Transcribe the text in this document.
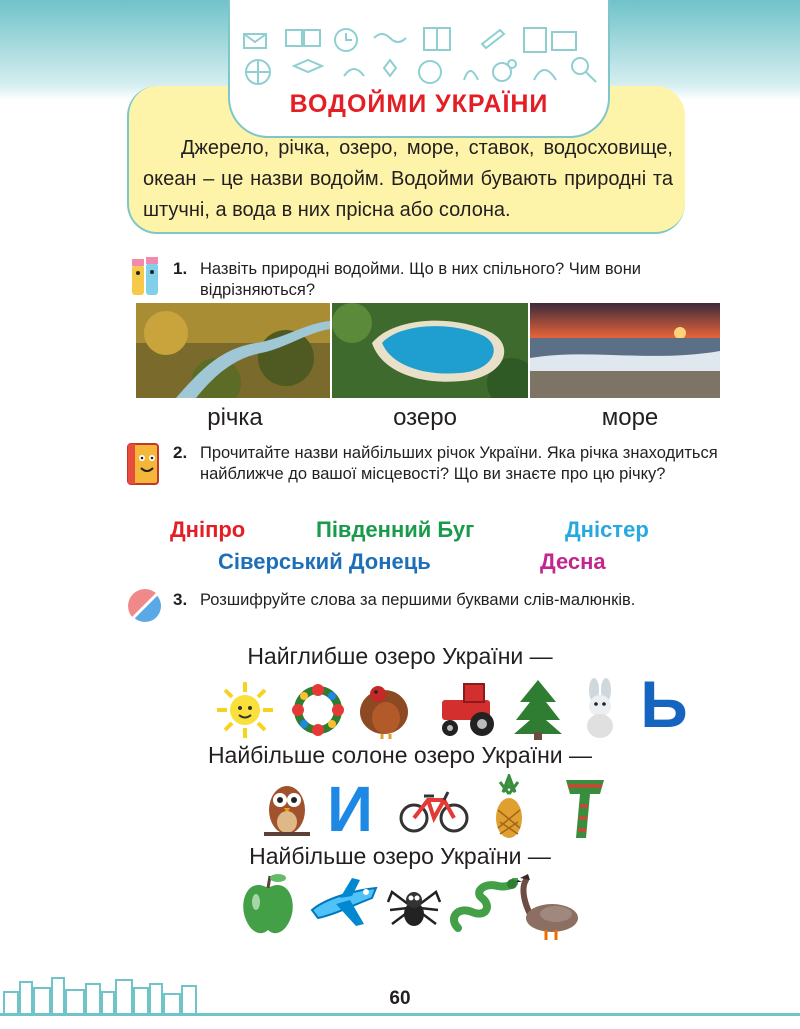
ВОДОЙМИ УКРАЇНИ
Джерело, річка, озеро, море, ставок, водосховище, океан – це назви водойм. Водойми бувають природні та штучні, а вода в них прісна або солона.
1. Назвіть природні водойми. Що в них спільного? Чим вони відрізняються?
річка	озеро	море
2. Прочитайте назви найбільших річок України. Яка річка знаходиться найближче до вашої місцевості? Що ви знаєте про цю річку?
Дніпро	Південний Буг	Дністер
Сіверський Донець	Десна
3. Розшифруйте слова за першими буквами слів-малюнків.
Найглибше озеро України —
Ь
Найбільше солоне озеро України —
И
Найбільше озеро України —
60
